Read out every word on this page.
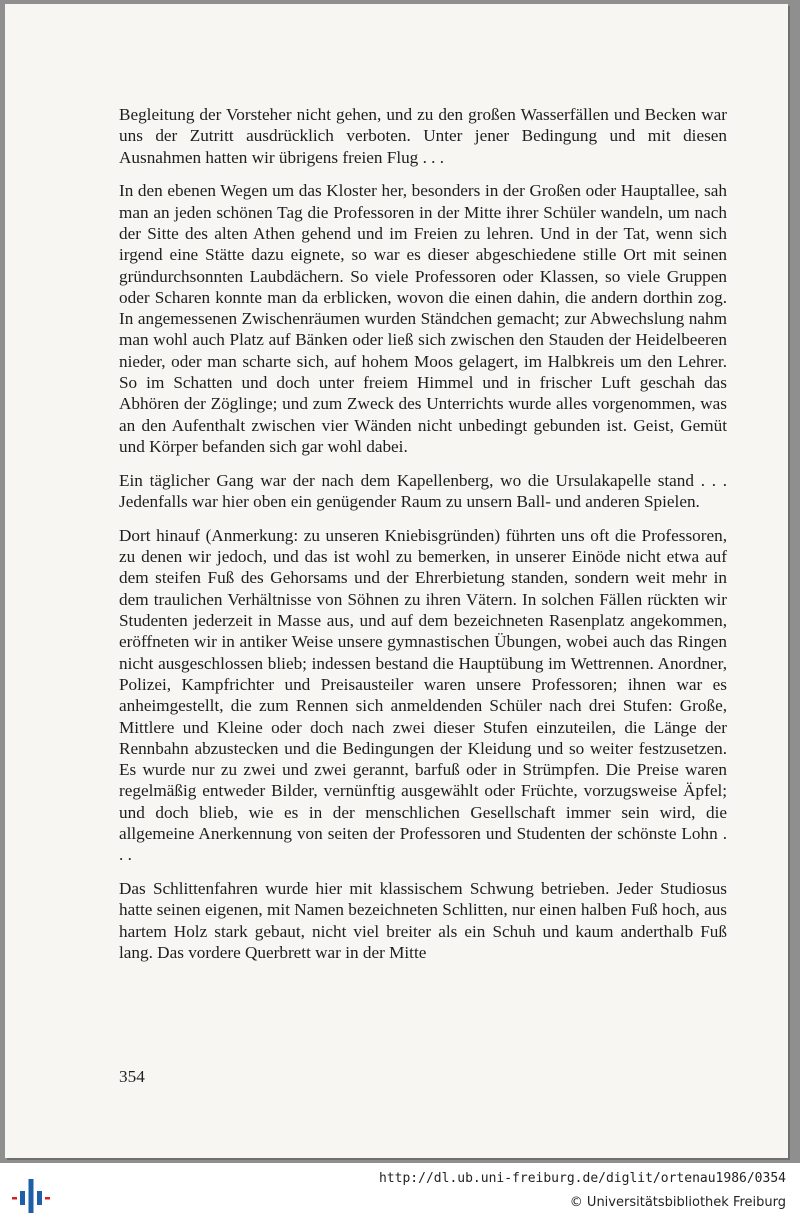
Begleitung der Vorsteher nicht gehen, und zu den großen Wasserfällen und Becken war uns der Zutritt ausdrücklich verboten. Unter jener Bedingung und mit diesen Ausnahmen hatten wir übrigens freien Flug . . .

In den ebenen Wegen um das Kloster her, besonders in der Großen oder Hauptallee, sah man an jeden schönen Tag die Professoren in der Mitte ihrer Schüler wandeln, um nach der Sitte des alten Athen gehend und im Freien zu lehren. Und in der Tat, wenn sich irgend eine Stätte dazu eignete, so war es dieser abgeschiedene stille Ort mit seinen gründurchsonnten Laubdächern. So viele Professoren oder Klassen, so viele Gruppen oder Scharen konnte man da erblicken, wovon die einen dahin, die andern dorthin zog. In angemessenen Zwischenräumen wurden Ständchen gemacht; zur Abwechslung nahm man wohl auch Platz auf Bänken oder ließ sich zwischen den Stauden der Heidelbeeren nieder, oder man scharte sich, auf hohem Moos gelagert, im Halbkreis um den Lehrer. So im Schatten und doch unter freiem Himmel und in frischer Luft geschah das Abhören der Zöglinge; und zum Zweck des Unterrichts wurde alles vorgenommen, was an den Aufenthalt zwischen vier Wänden nicht unbedingt gebunden ist. Geist, Gemüt und Körper befanden sich gar wohl dabei.

Ein täglicher Gang war der nach dem Kapellenberg, wo die Ursulakapelle stand . . . Jedenfalls war hier oben ein genügender Raum zu unsern Ball- und anderen Spielen.

Dort hinauf (Anmerkung: zu unseren Kniebisgründen) führten uns oft die Professoren, zu denen wir jedoch, und das ist wohl zu bemerken, in unserer Einöde nicht etwa auf dem steifen Fuß des Gehorsams und der Ehrerbietung standen, sondern weit mehr in dem traulichen Verhältnisse von Söhnen zu ihren Vätern. In solchen Fällen rückten wir Studenten jederzeit in Masse aus, und auf dem bezeichneten Rasenplatz angekommen, eröffneten wir in antiker Weise unsere gymnastischen Übungen, wobei auch das Ringen nicht ausgeschlossen blieb; indessen bestand die Hauptübung im Wettrennen. Anordner, Polizei, Kampfrichter und Preisausteiler waren unsere Professoren; ihnen war es anheimgestellt, die zum Rennen sich anmeldenden Schüler nach drei Stufen: Große, Mittlere und Kleine oder doch nach zwei dieser Stufen einzuteilen, die Länge der Rennbahn abzustecken und die Bedingungen der Kleidung und so weiter festzusetzen. Es wurde nur zu zwei und zwei gerannt, barfuß oder in Strümpfen. Die Preise waren regelmäßig entweder Bilder, vernünftig ausgewählt oder Früchte, vorzugsweise Äpfel; und doch blieb, wie es in der menschlichen Gesellschaft immer sein wird, die allgemeine Anerkennung von seiten der Professoren und Studenten der schönste Lohn . . .

Das Schlittenfahren wurde hier mit klassischem Schwung betrieben. Jeder Studiosus hatte seinen eigenen, mit Namen bezeichneten Schlitten, nur einen halben Fuß hoch, aus hartem Holz stark gebaut, nicht viel breiter als ein Schuh und kaum anderthalb Fuß lang. Das vordere Querbrett war in der Mitte

354
http://dl.ub.uni-freiburg.de/diglit/ortenau1986/0354
© Universitätsbibliothek Freiburg
